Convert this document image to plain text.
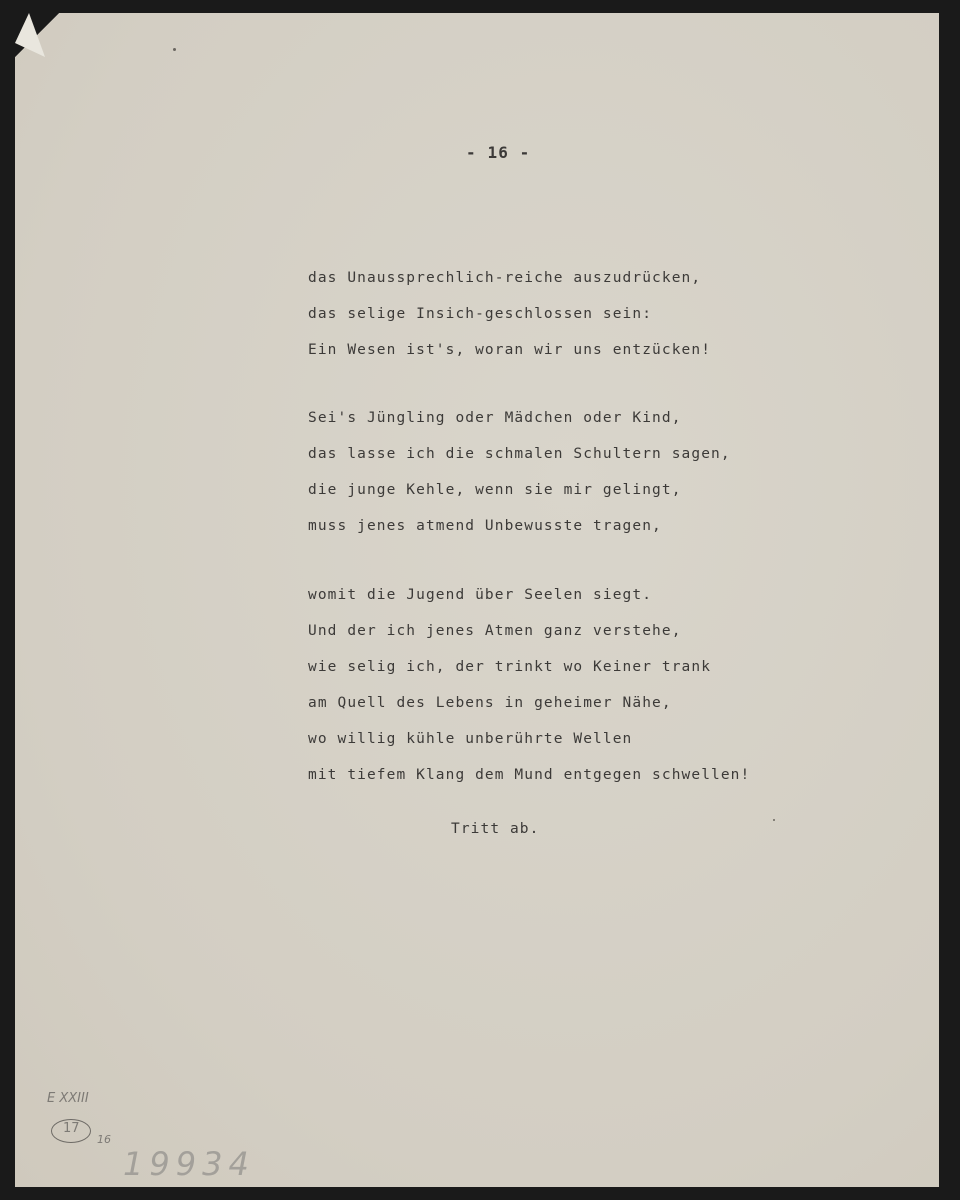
- 16 -
das Unaussprechlich-reiche auszudrücken,
das selige Insich-geschlossen sein:
Ein Wesen ist's, woran wir uns entzücken!
Sei's Jüngling oder Mädchen oder Kind,
das lasse ich die schmalen Schultern sagen,
die junge Kehle, wenn sie mir gelingt,
muss jenes atmend Unbewusste tragen,
womit die Jugend über Seelen siegt.
Und der ich jenes Atmen ganz verstehe,
wie selig ich, der trinkt wo Keiner trank
am Quell des Lebens in geheimer Nähe,
wo willig kühle unberührte Wellen
mit tiefem Klang dem Mund entgegen schwellen!
Tritt ab.
E XXIII
17
16
19934
